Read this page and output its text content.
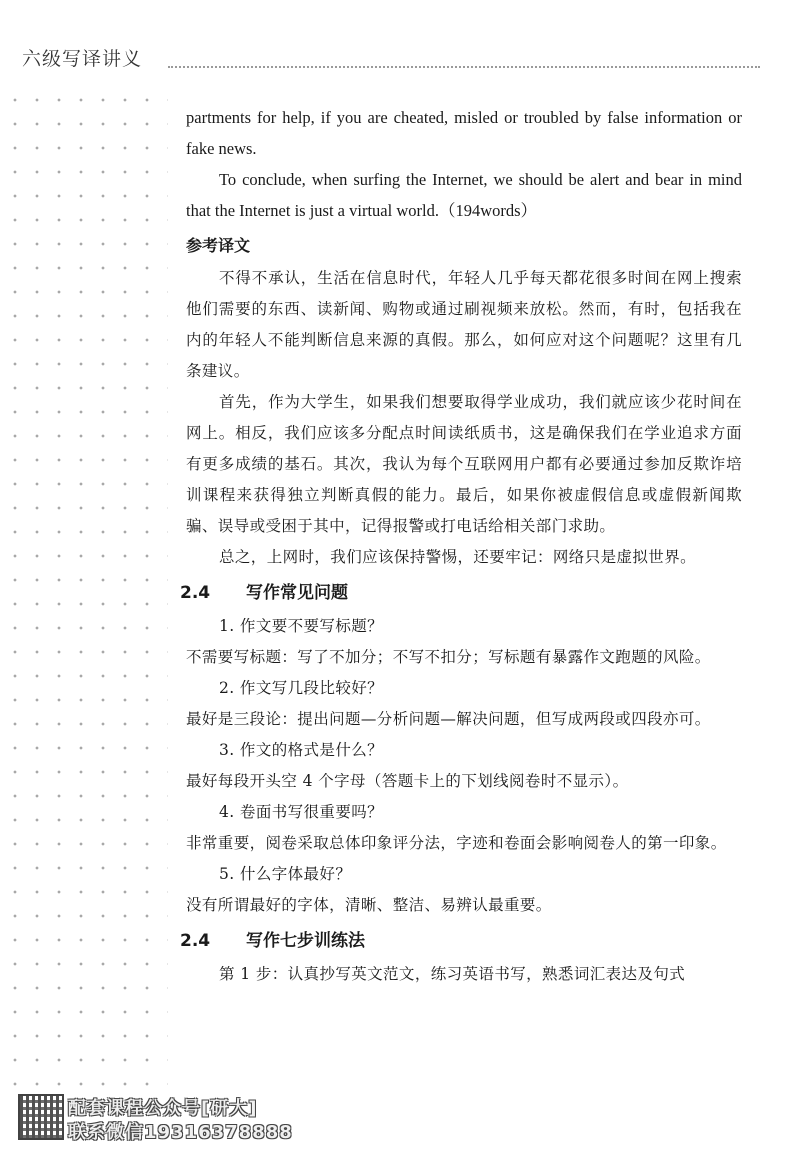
六级写译讲义

partments for help, if you are cheated, misled or troubled by false information or fake news.

To conclude, when surfing the Internet, we should be alert and bear in mind that the Internet is just a virtual world.（194words）

参考译文

不得不承认，生活在信息时代，年轻人几乎每天都花很多时间在网上搜索他们需要的东西、读新闻、购物或通过刷视频来放松。然而，有时，包括我在内的年轻人不能判断信息来源的真假。那么，如何应对这个问题呢？这里有几条建议。

首先，作为大学生，如果我们想要取得学业成功，我们就应该少花时间在网上。相反，我们应该多分配点时间读纸质书，这是确保我们在学业追求方面有更多成绩的基石。其次，我认为每个互联网用户都有必要通过参加反欺诈培训课程来获得独立判断真假的能力。最后，如果你被虚假信息或虚假新闻欺骗、误导或受困于其中，记得报警或打电话给相关部门求助。

总之，上网时，我们应该保持警惕，还要牢记：网络只是虚拟世界。

2.4 写作常见问题

1. 作文要不要写标题？

不需要写标题：写了不加分；不写不扣分；写标题有暴露作文跑题的风险。

2. 作文写几段比较好？

最好是三段论：提出问题—分析问题—解决问题，但写成两段或四段亦可。

3. 作文的格式是什么？

最好每段开头空 4 个字母（答题卡上的下划线阅卷时不显示）。

4. 卷面书写很重要吗？

非常重要，阅卷采取总体印象评分法，字迹和卷面会影响阅卷人的第一印象。

5. 什么字体最好？

没有所谓最好的字体，清晰、整洁、易辨认最重要。

2.4 写作七步训练法

第 1 步：认真抄写英文范文，练习英语书写，熟悉词汇表达及句式

配套课程公众号[研大]
联系微信19316378888
